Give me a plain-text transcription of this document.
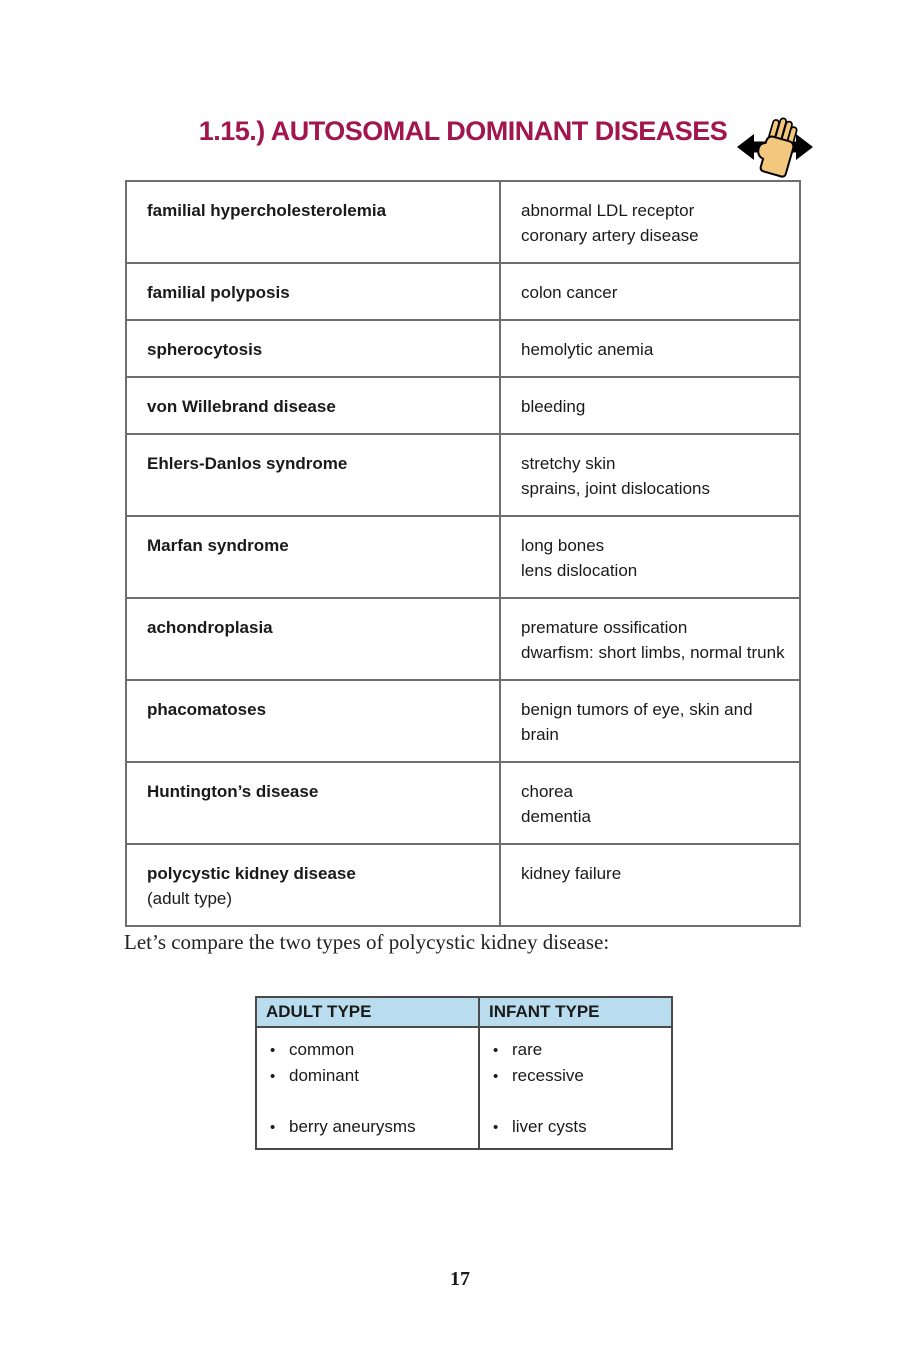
1.15.) AUTOSOMAL DOMINANT DISEASES
familial hypercholesterolemia	abnormal LDL receptor
coronary artery disease

familial polyposis	colon cancer

spherocytosis	hemolytic anemia

von Willebrand disease	bleeding

Ehlers-Danlos syndrome	stretchy skin
sprains, joint dislocations

Marfan syndrome	long bones
lens dislocation

achondroplasia	premature ossification
dwarfism: short limbs, normal trunk

phacomatoses	benign tumors of eye, skin and brain

Huntington’s disease	chorea
dementia

polycystic kidney disease
(adult type)	kidney failure

Let’s compare the two types of polycystic kidney disease:

ADULT TYPE	INFANT TYPE

• common
• dominant
• berry aneurysms

• rare
• recessive
• liver cysts
17
